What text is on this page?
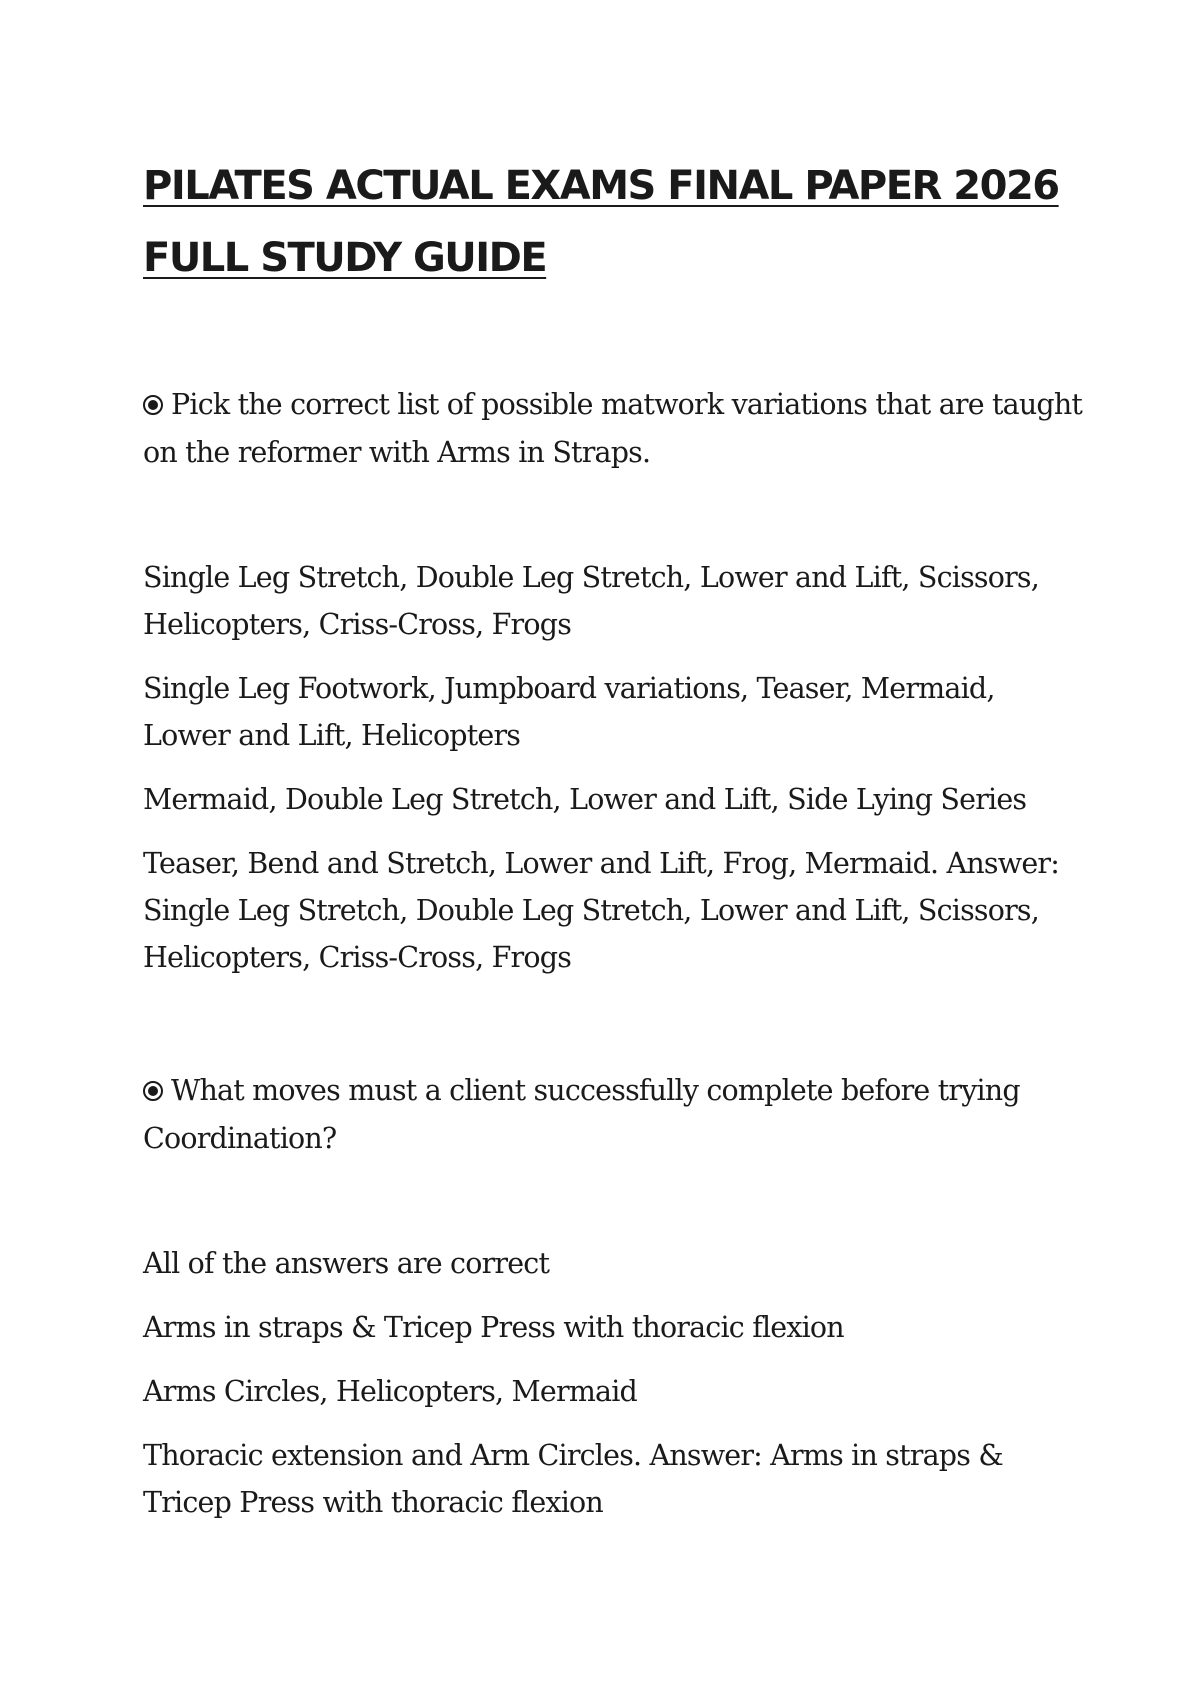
PILATES ACTUAL EXAMS FINAL PAPER 2026 FULL STUDY GUIDE

Pick the correct list of possible matwork variations that are taught on the reformer with Arms in Straps.

Single Leg Stretch, Double Leg Stretch, Lower and Lift, Scissors, Helicopters, Criss-Cross, Frogs
Single Leg Footwork, Jumpboard variations, Teaser, Mermaid, Lower and Lift, Helicopters
Mermaid, Double Leg Stretch, Lower and Lift, Side Lying Series
Teaser, Bend and Stretch, Lower and Lift, Frog, Mermaid. Answer: Single Leg Stretch, Double Leg Stretch, Lower and Lift, Scissors, Helicopters, Criss-Cross, Frogs

What moves must a client successfully complete before trying Coordination?

All of the answers are correct
Arms in straps & Tricep Press with thoracic flexion
Arms Circles, Helicopters, Mermaid
Thoracic extension and Arm Circles. Answer: Arms in straps & Tricep Press with thoracic flexion
